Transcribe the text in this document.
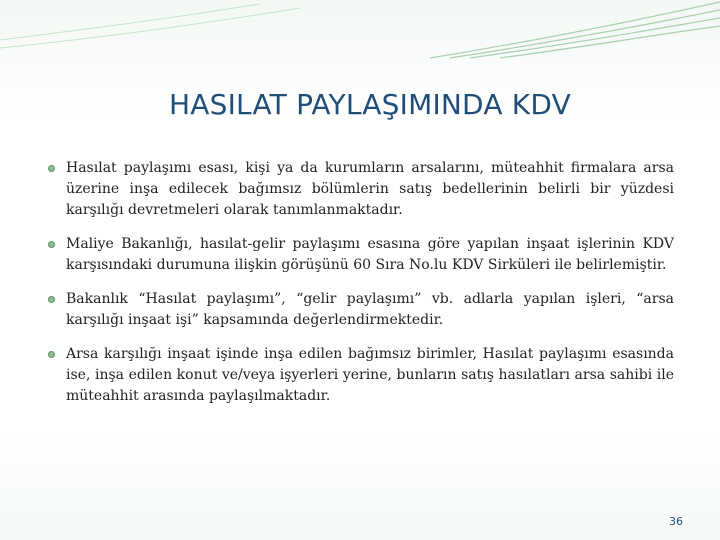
HASILAT PAYLAŞIMINDA KDV
Hasılat paylaşımı esası, kişi ya da kurumların arsalarını, müteahhit firmalara arsa üzerine inşa edilecek bağımsız bölümlerin satış bedellerinin belirli bir yüzdesi karşılığı devretmeleri olarak tanımlanmaktadır.
Maliye Bakanlığı, hasılat-gelir paylaşımı esasına göre yapılan inşaat işlerinin KDV karşısındaki durumuna ilişkin görüşünü 60 Sıra No.lu KDV Sirküleri ile belirlemiştir.
Bakanlık “Hasılat paylaşımı”, “gelir paylaşımı” vb. adlarla yapılan işleri, “arsa karşılığı inşaat işi” kapsamında değerlendirmektedir.
Arsa karşılığı inşaat işinde inşa edilen bağımsız birimler, Hasılat paylaşımı esasında ise, inşa edilen konut ve/veya işyerleri yerine, bunların satış hasılatları arsa sahibi ile müteahhit arasında paylaşılmaktadır.
36
